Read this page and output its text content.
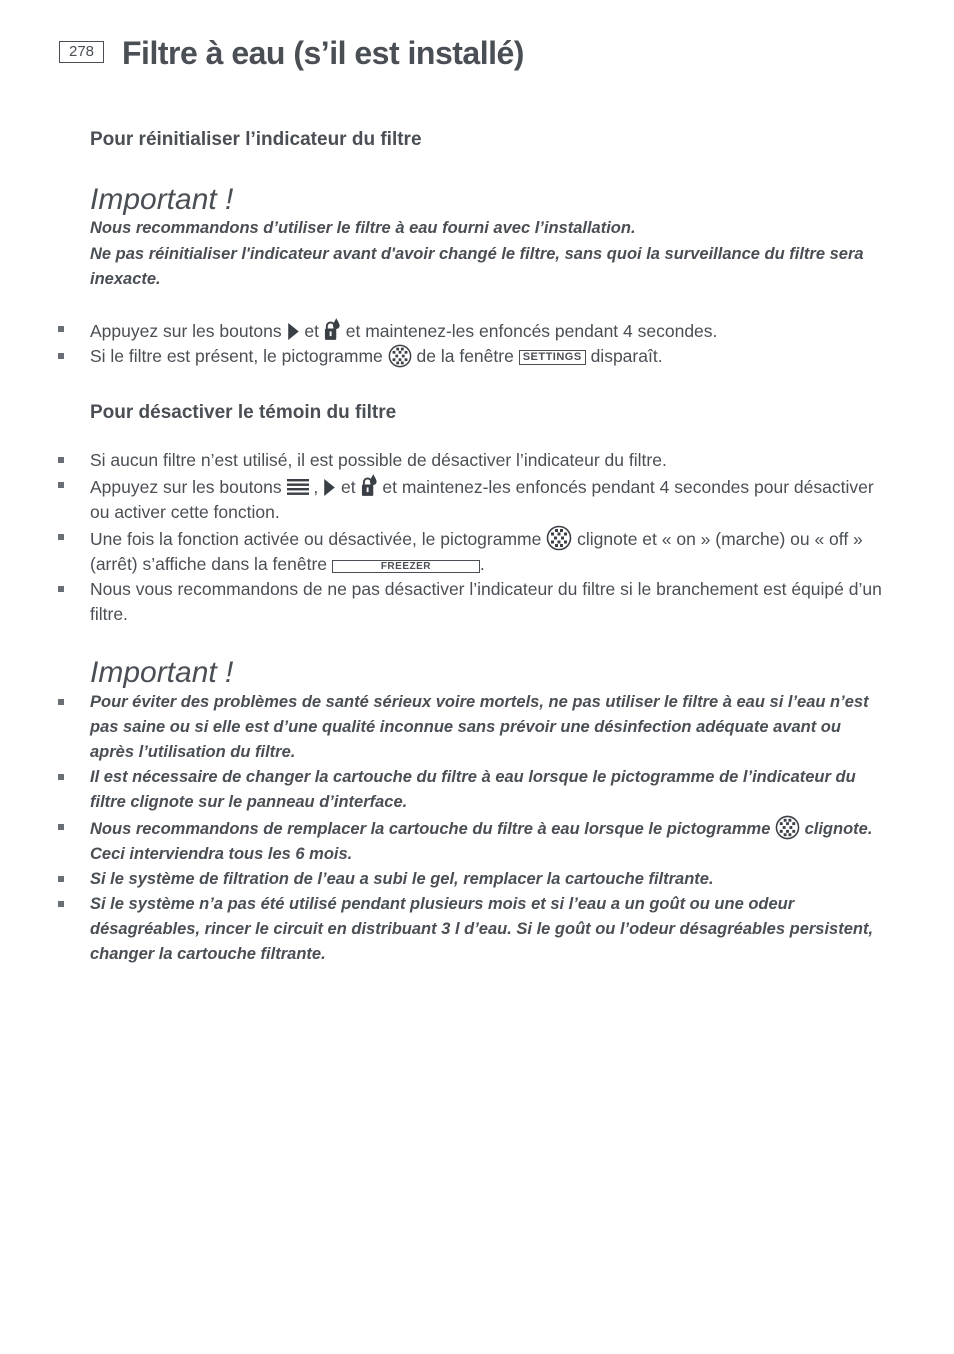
278 Filtre à eau (s’il est installé)
Pour réinitialiser l’indicateur du filtre
Important !

Nous recommandons d’utiliser le filtre à eau fourni avec l’installation.

Ne pas réinitialiser l'indicateur avant d'avoir changé le filtre, sans quoi la surveillance du filtre sera inexacte.

Appuyez sur les boutons et et maintenez-les enfoncés pendant 4 secondes.
Si le filtre est présent, le pictogramme de la fenêtre SETTINGS disparaît.
Pour désactiver le témoin du filtre
Si aucun filtre n’est utilisé, il est possible de désactiver l’indicateur du filtre.
Appuyez sur les boutons , et et maintenez-les enfoncés pendant 4 secondes pour désactiver ou activer cette fonction.
Une fois la fonction activée ou désactivée, le pictogramme clignote et « on » (marche) ou « off » (arrêt) s’affiche dans la fenêtre	FREEZER	.
Nous vous recommandons de ne pas désactiver l’indicateur du filtre si le branchement est équipé d’un filtre.
Important !
Pour éviter des problèmes de santé sérieux voire mortels, ne pas utiliser le filtre à eau si l’eau n’est pas saine ou si elle est d’une qualité inconnue sans prévoir une désinfection adéquate avant ou après l’utilisation du filtre.
Il est nécessaire de changer la cartouche du filtre à eau lorsque le pictogramme de l’indicateur du filtre clignote sur le panneau d’interface.
Nous recommandons de remplacer la cartouche du filtre à eau lorsque le pictogramme clignote. Ceci interviendra tous les 6 mois.
Si le système de filtration de l’eau a subi le gel, remplacer la cartouche filtrante.
Si le système n’a pas été utilisé pendant plusieurs mois et si l’eau a un goût ou une odeur désagréables, rincer le circuit en distribuant 3 l d’eau. Si le goût ou l’odeur désagréables persistent, changer la cartouche filtrante.
